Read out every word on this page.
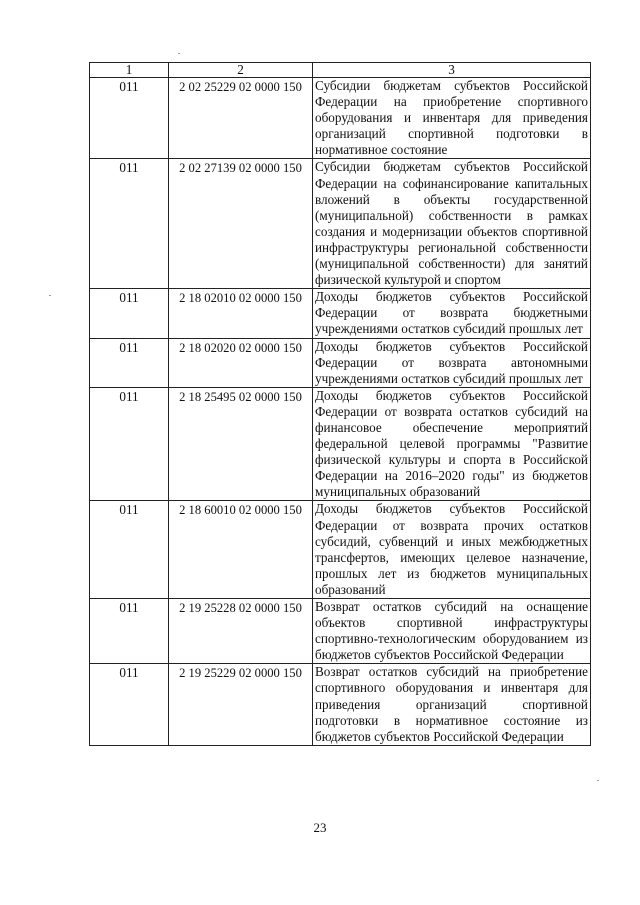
1	2	3
011	2 02 25229 02 0000 150	Субсидии бюджетам субъектов Российской Федерации на приобретение спортивного оборудования и инвентаря для приведения организаций спортивной подготовки в нормативное состояние
011	2 02 27139 02 0000 150	Субсидии бюджетам субъектов Российской Федерации на софинансирование капитальных вложений в объекты государственной (муниципальной) собственности в рамках создания и модернизации объектов спортивной инфраструктуры региональной собственности (муниципальной собственности) для занятий физической культурой и спортом
011	2 18 02010 02 0000 150	Доходы бюджетов субъектов Российской Федерации от возврата бюджетными учреждениями остатков субсидий прошлых лет
011	2 18 02020 02 0000 150	Доходы бюджетов субъектов Российской Федерации от возврата автономными учреждениями остатков субсидий прошлых лет
011	2 18 25495 02 0000 150	Доходы бюджетов субъектов Российской Федерации от возврата остатков субсидий на финансовое обеспечение мероприятий федеральной целевой программы "Развитие физической культуры и спорта в Российской Федерации на 2016–2020 годы" из бюджетов муниципальных образований
011	2 18 60010 02 0000 150	Доходы бюджетов субъектов Российской Федерации от возврата прочих остатков субсидий, субвенций и иных межбюджетных трансфертов, имеющих целевое назначение, прошлых лет из бюджетов муниципальных образований
011	2 19 25228 02 0000 150	Возврат остатков субсидий на оснащение объектов спортивной инфраструктуры спортивно-технологическим оборудованием из бюджетов субъектов Российской Федерации
011	2 19 25229 02 0000 150	Возврат остатков субсидий на приобретение спортивного оборудования и инвентаря для приведения организаций спортивной подготовки в нормативное состояние из бюджетов субъектов Российской Федерации
23
